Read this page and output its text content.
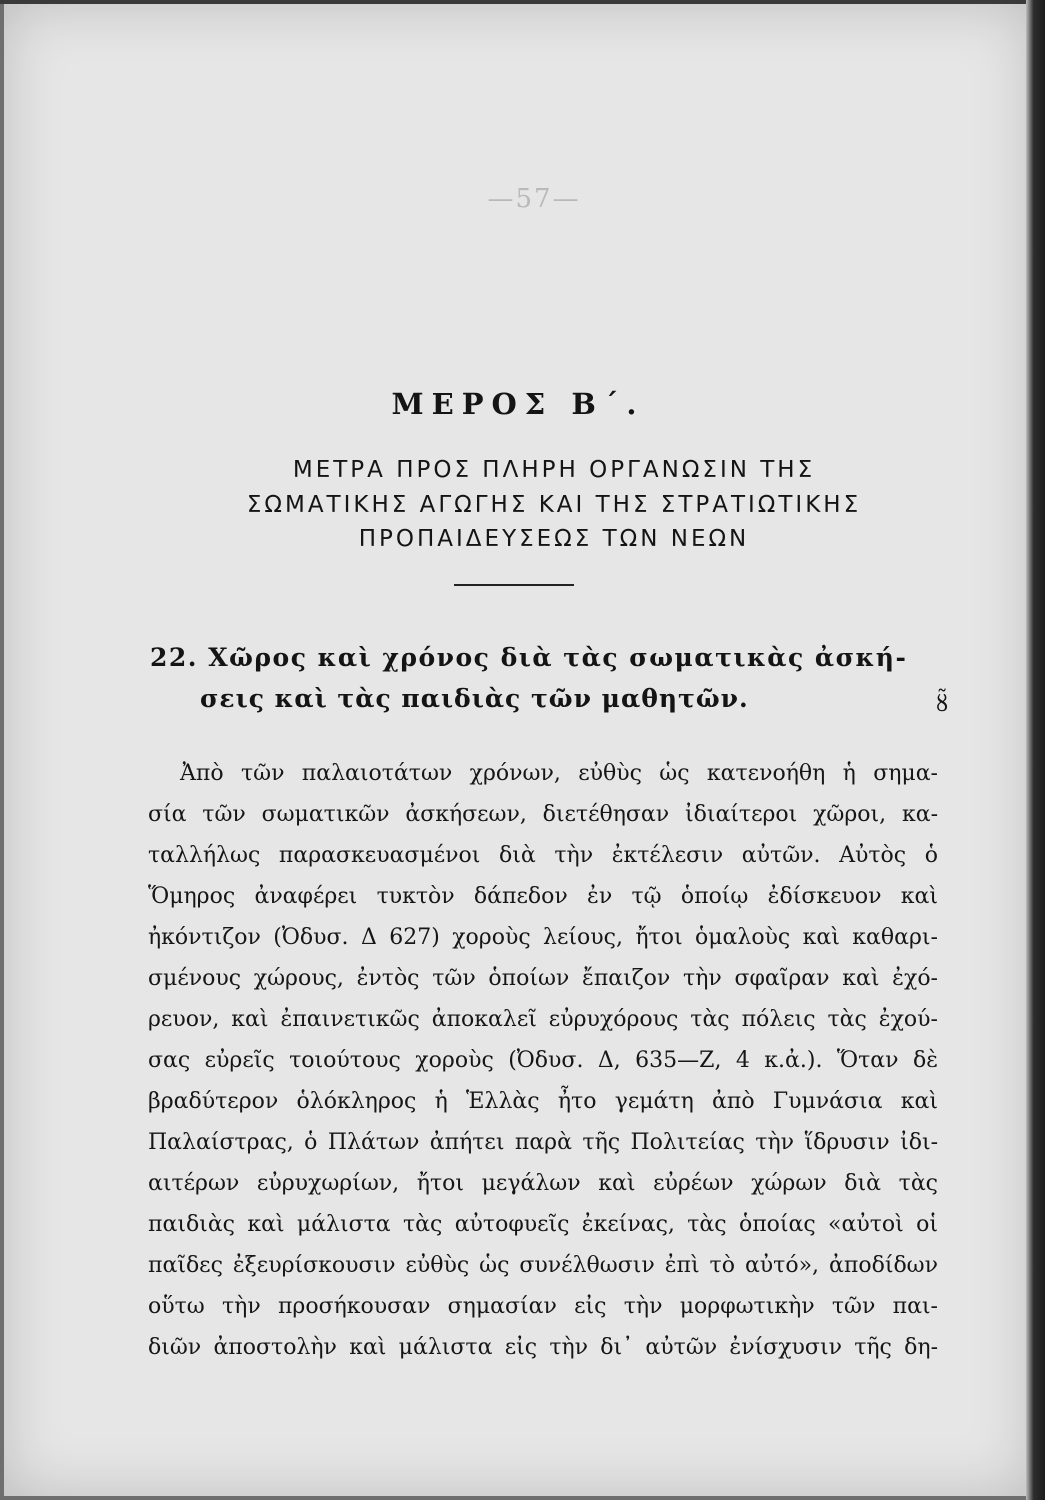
—57—
ΜΕΡΟΣ Β΄.
ΜΕΤΡΑ ΠΡΟΣ ΠΛΗΡΗ ΟΡΓΑΝΩΣΙΝ ΤΗΣ
ΣΩΜΑΤΙΚΗΣ ΑΓΩΓΗΣ ΚΑΙ ΤΗΣ ΣΤΡΑΤΙΩΤΙΚΗΣ
ΠΡΟΠΑΙΔΕΥΣΕΩΣ ΤΩΝ ΝΕΩΝ
22. Χῶρος καὶ χρόνος διὰ τὰς σωματικὰς ἀσκή-
σεις καὶ τὰς παιδιὰς τῶν μαθητῶν.	ȣ̃
Ἀπὸ τῶν παλαιοτάτων χρόνων, εὐθὺς ὡς κατενοήθη ἡ σημα-
σία τῶν σωματικῶν ἀσκήσεων, διετέθησαν ἰδιαίτεροι χῶροι, κα-
ταλλήλως παρασκευασμένοι διὰ τὴν ἐκτέλεσιν αὐτῶν. Αὐτὸς ὁ
Ὅμηρος ἀναφέρει τυκτὸν δάπεδον ἐν τῷ ὁποίῳ ἐδίσκευον καὶ
ἠκόντιζον (Ὀδυσ. Δ 627) χοροὺς λείους, ἤτοι ὁμαλοὺς καὶ καθαρι-
σμένους χώρους, ἐντὸς τῶν ὁποίων ἔπαιζον τὴν σφαῖραν καὶ ἐχό-
ρευον, καὶ ἐπαινετικῶς ἀποκαλεῖ εὐρυχόρους τὰς πόλεις τὰς ἐχού-
σας εὐρεῖς τοιούτους χοροὺς (Ὀδυσ. Δ, 635—Ζ, 4 κ.ἀ.). Ὅταν δὲ
βραδύτερον ὁλόκληρος ἡ Ἑλλὰς ἦτο γεμάτη ἀπὸ Γυμνάσια καὶ
Παλαίστρας, ὁ Πλάτων ἀπήτει παρὰ τῆς Πολιτείας τὴν ἵδρυσιν ἰδι-
αιτέρων εὐρυχωρίων, ἤτοι μεγάλων καὶ εὐρέων χώρων διὰ τὰς
παιδιὰς καὶ μάλιστα τὰς αὐτοφυεῖς ἐκείνας, τὰς ὁποίας «αὐτοὶ οἱ
παῖδες ἐξευρίσκουσιν εὐθὺς ὡς συνέλθωσιν ἐπὶ τὸ αὐτό», ἀποδίδων
οὕτω τὴν προσήκουσαν σημασίαν εἰς τὴν μορφωτικὴν τῶν παι-
διῶν ἀποστολὴν καὶ μάλιστα εἰς τὴν δι᾽ αὐτῶν ἐνίσχυσιν τῆς δη-
